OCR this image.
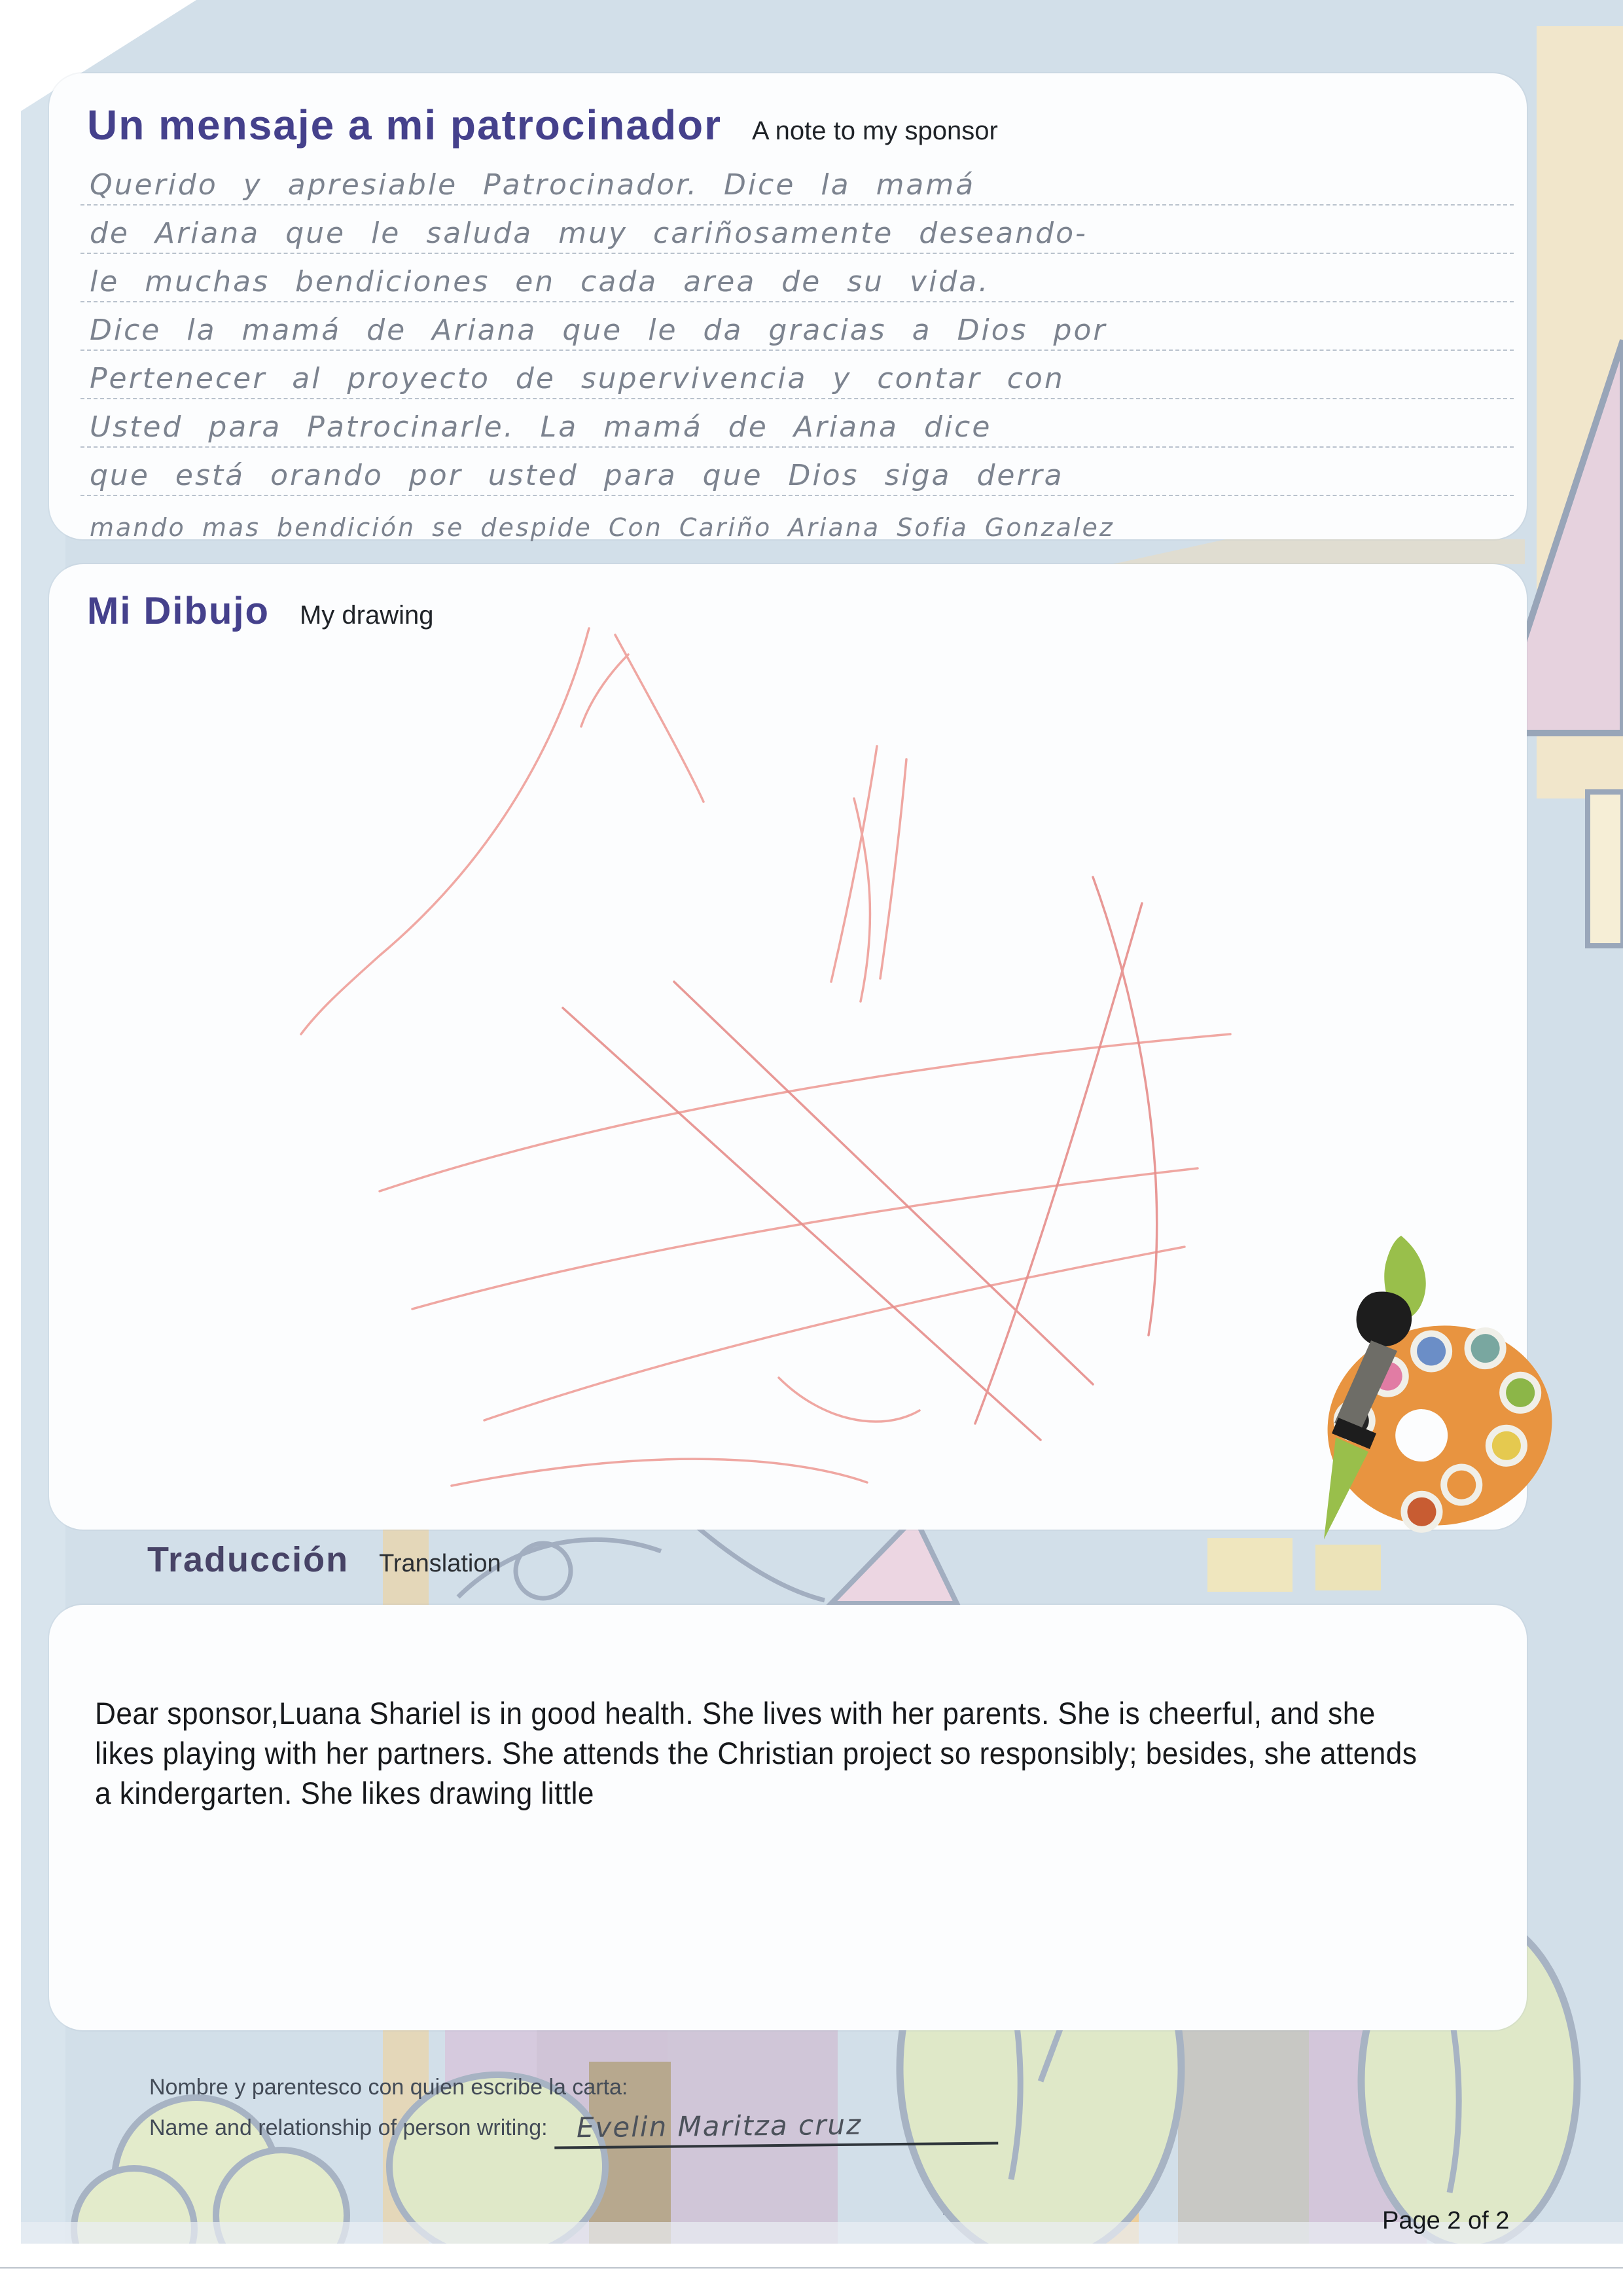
Un mensaje a mi patrocinador A note to my sponsor
Querido y apresiable Patrocinador. Dice la mamá
de Ariana que le saluda muy cariñosamente deseando-
le muchas bendiciones en cada area de su vida.
Dice la mamá de Ariana que le da gracias a Dios por
Pertenecer al proyecto de supervivencia y contar con
Usted para Patrocinarle. La mamá de Ariana dice
que está orando por usted para que Dios siga derra
mando mas bendición se despide Con Cariño Ariana Sofia Gonzalez
Mi Dibujo My drawing
Traducción Translation

Dear sponsor,Luana Shariel is in good health. She lives with her parents. She is cheerful, and she likes playing with her partners. She attends the Christian project so responsibly; besides, she attends a kindergarten. She likes drawing little

Nombre y parentesco con quien escribe la carta:
Name and relationship of person writing:	Evelin Maritza cruz
Page 2 of 2
